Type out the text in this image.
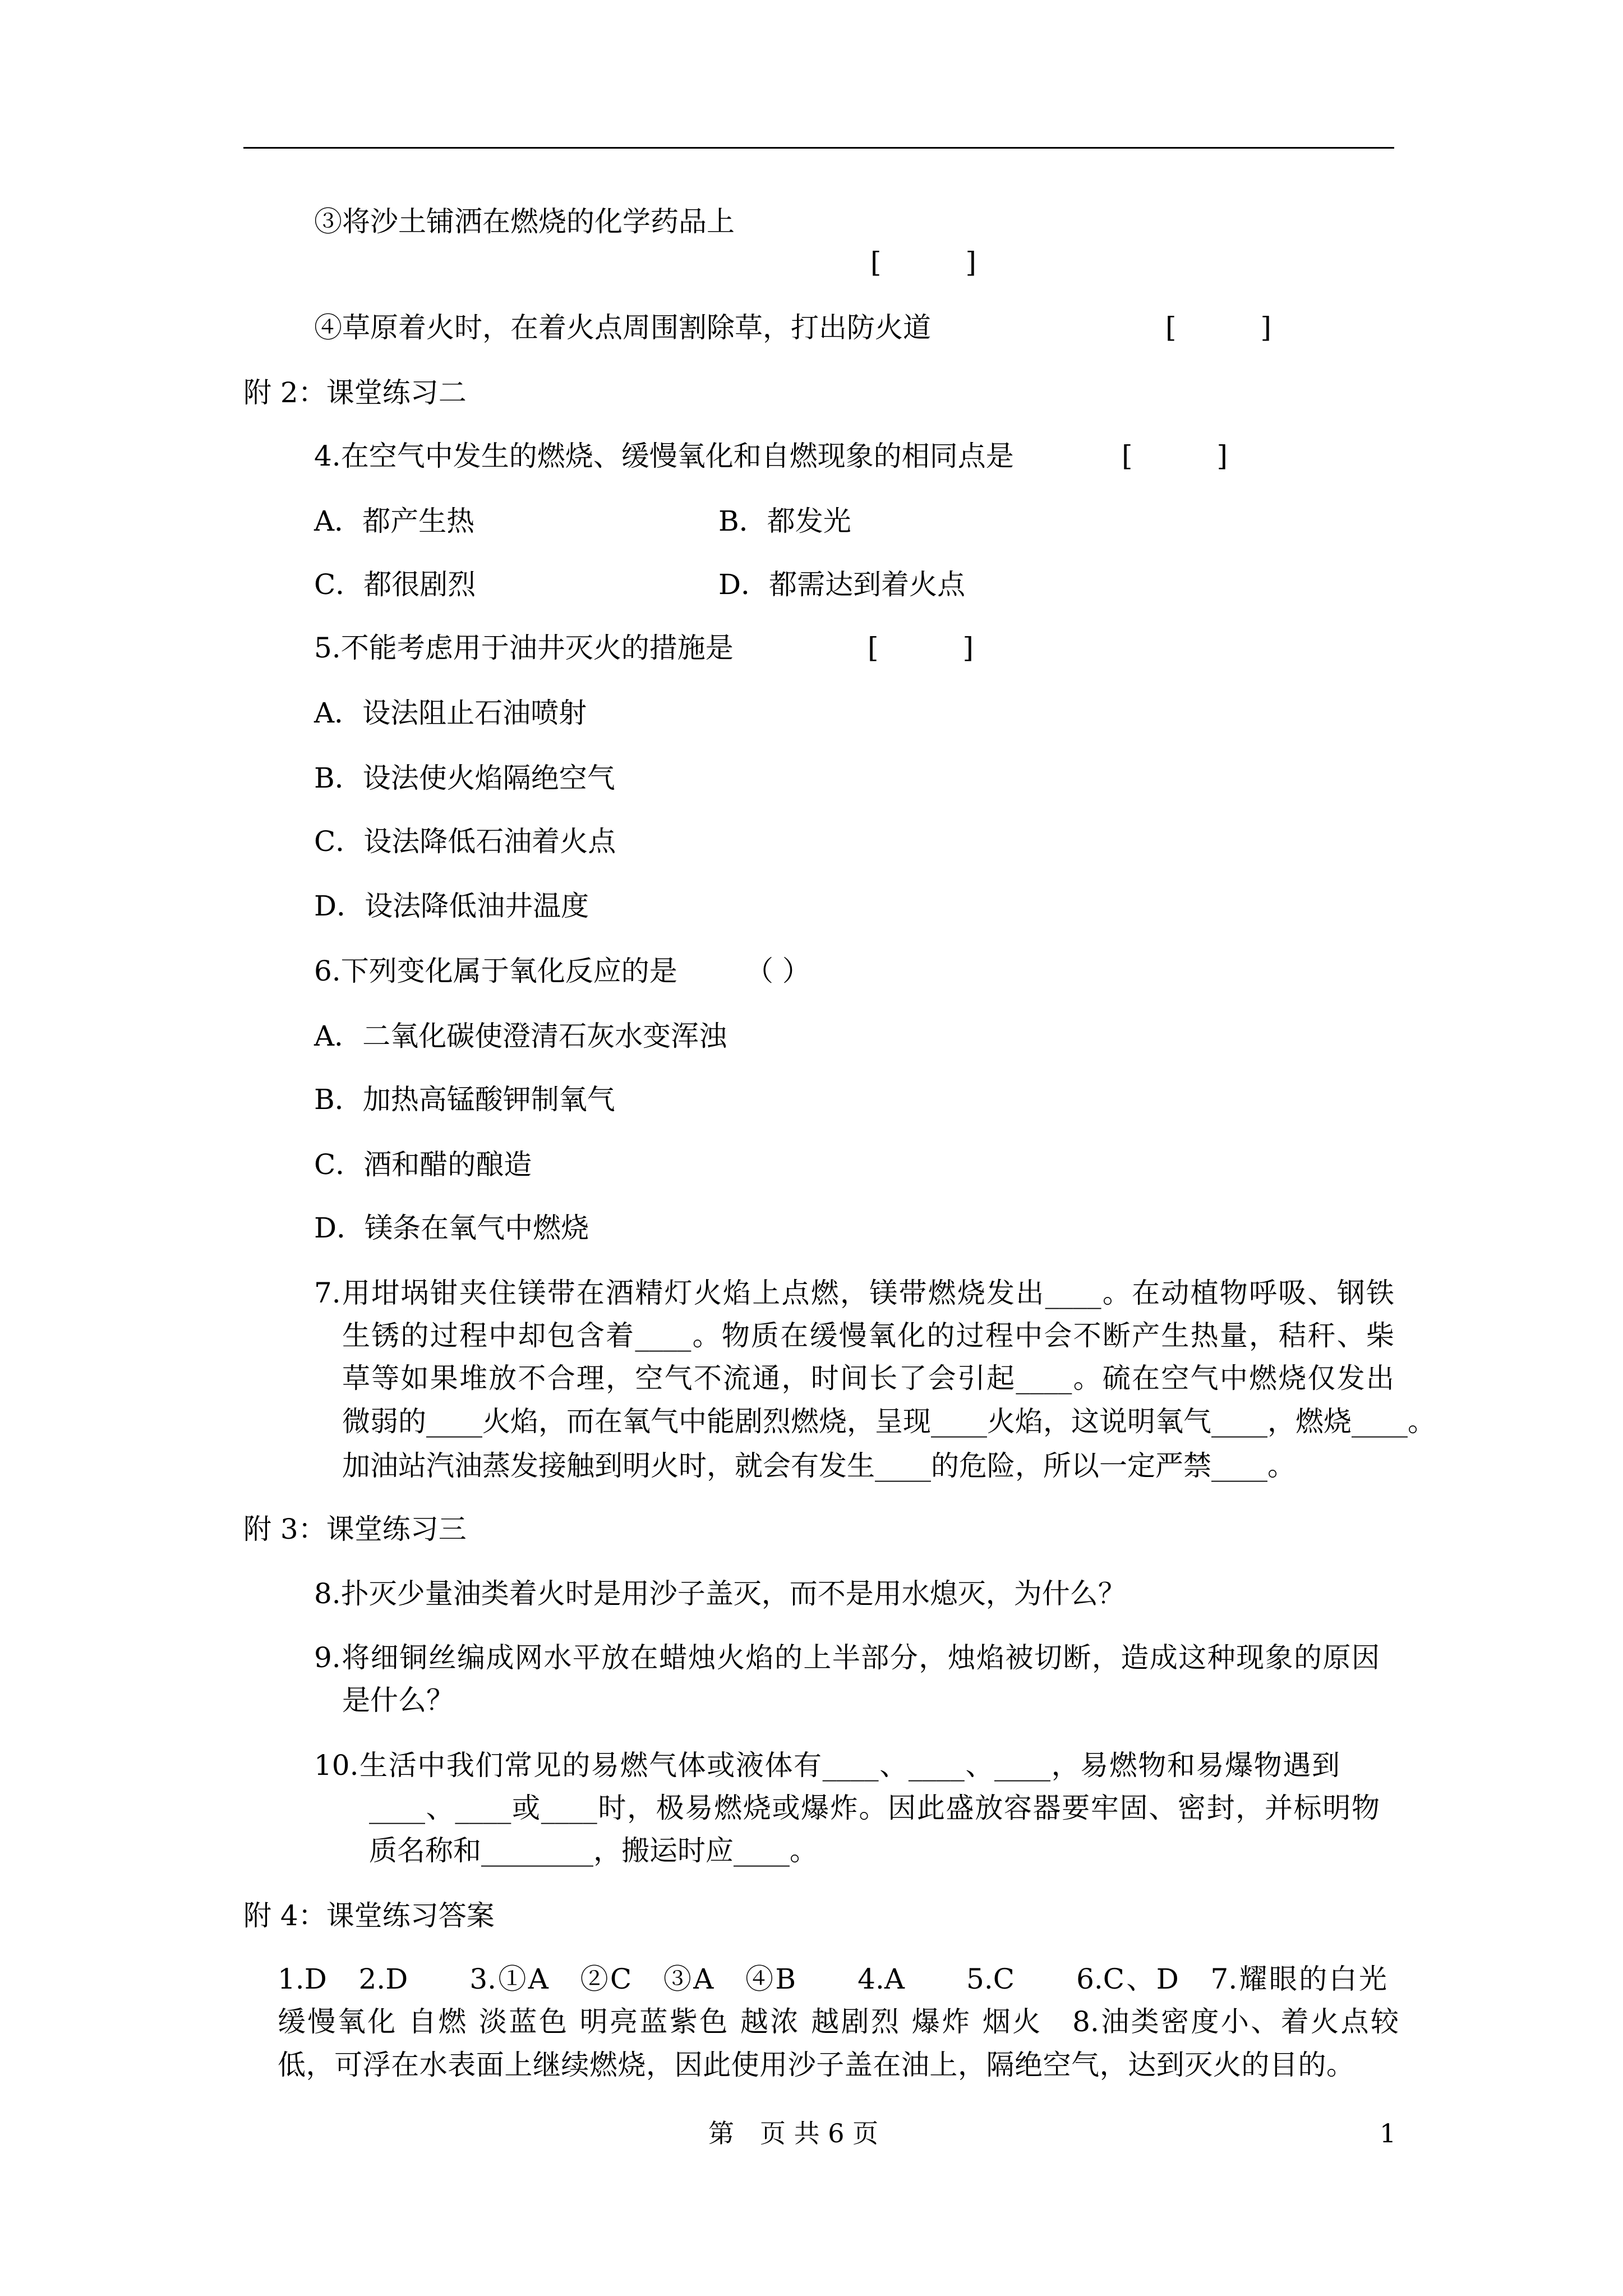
③将沙土铺洒在燃烧的化学药品上
[　　　]
④草原着火时，在着火点周围割除草，打出防火道	[　　　]
附 2：课堂练习二
4.在空气中发生的燃烧、缓慢氧化和自燃现象的相同点是	[　　　]
A．都产生热	B．都发光
C．都很剧烈	D．都需达到着火点
5.不能考虑用于油井灭火的措施是	[　　　]
A．设法阻止石油喷射
B．设法使火焰隔绝空气
C．设法降低石油着火点
D．设法降低油井温度
6.下列变化属于氧化反应的是 （ ）
A．二氧化碳使澄清石灰水变浑浊
B．加热高锰酸钾制氧气
C．酒和醋的酿造
D．镁条在氧气中燃烧
7.用坩埚钳夹住镁带在酒精灯火焰上点燃，镁带燃烧发出____。在动植物呼吸、钢铁
生锈的过程中却包含着____。物质在缓慢氧化的过程中会不断产生热量，秸秆、柴
草等如果堆放不合理，空气不流通，时间长了会引起____。硫在空气中燃烧仅发出
微弱的____火焰，而在氧气中能剧烈燃烧，呈现____火焰，这说明氧气____，燃烧____。
加油站汽油蒸发接触到明火时，就会有发生____的危险，所以一定严禁____。
附 3：课堂练习三
8.扑灭少量油类着火时是用沙子盖灭，而不是用水熄灭，为什么？
9.将细铜丝编成网水平放在蜡烛火焰的上半部分，烛焰被切断，造成这种现象的原因
是什么？
10.生活中我们常见的易燃气体或液体有____、____、____，易燃物和易爆物遇到
____、____或____时，极易燃烧或爆炸。因此盛放容器要牢固、密封，并标明物
质名称和________，搬运时应____。
附 4：课堂练习答案
1.D　2.D　　3.①A　②C　③A　④B　　4.A　　5.C　　6.C、D　7.耀眼的白光
缓慢氧化 自燃 淡蓝色 明亮蓝紫色 越浓 越剧烈 爆炸 烟火　8.油类密度小、着火点较
低，可浮在水表面上继续燃烧，因此使用沙子盖在油上，隔绝空气，达到灭火的目的。
第　页 共 6 页	1
